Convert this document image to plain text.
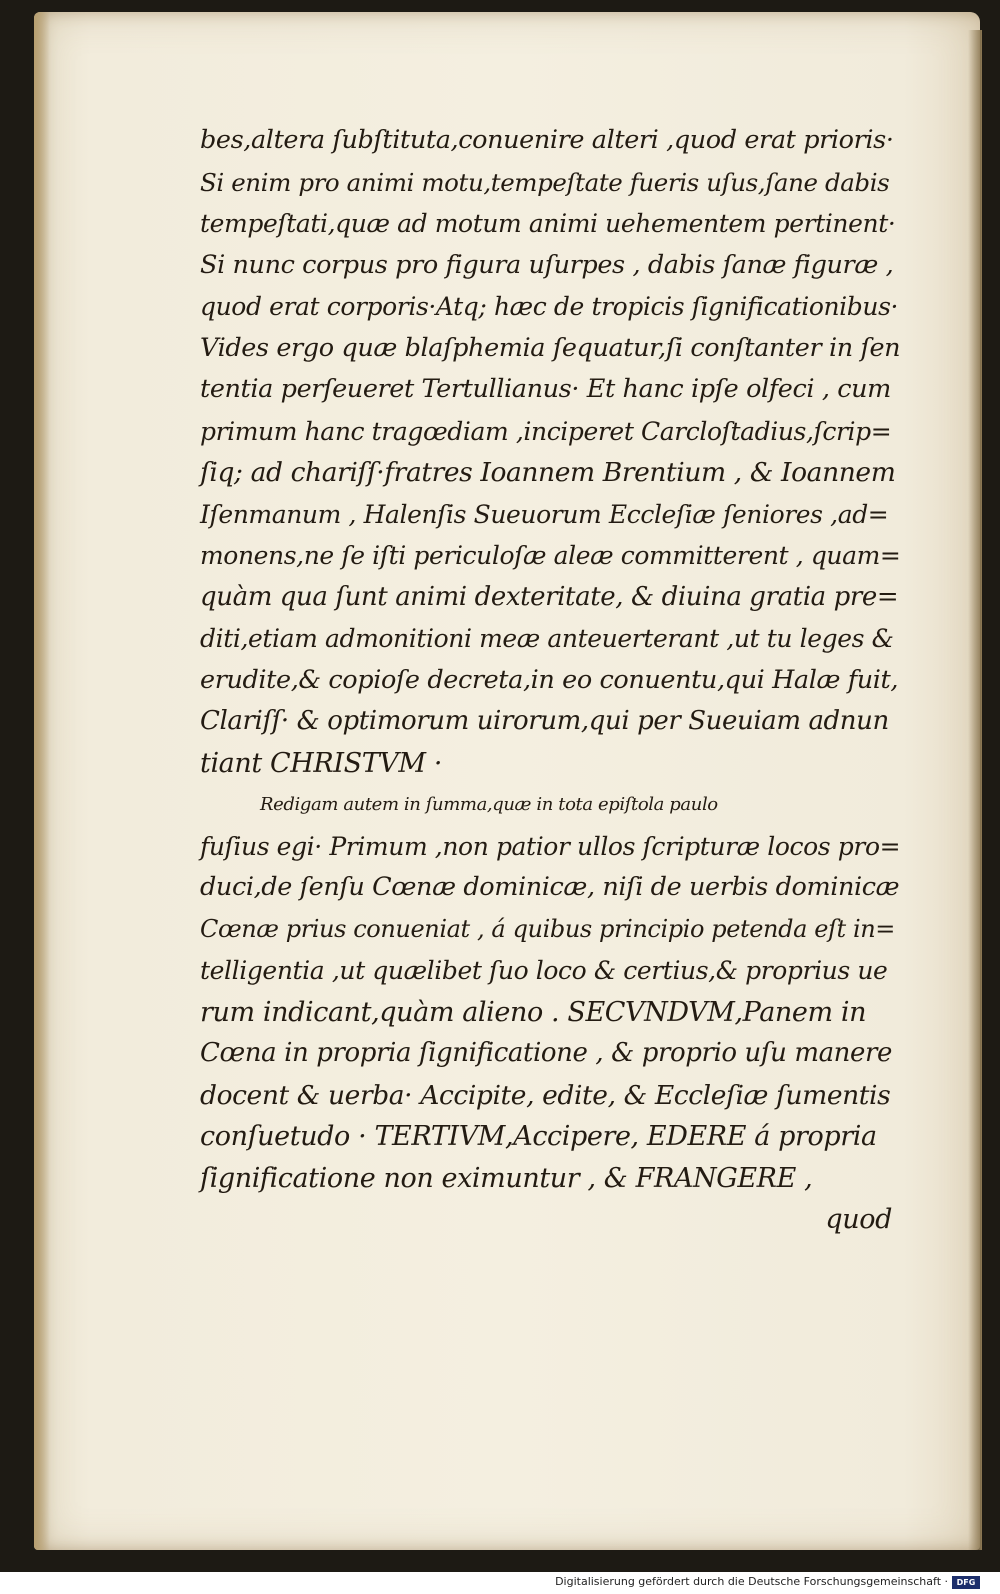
bes,altera ſubſtituta,conuenire alteri ,quod erat prioris·
Si enim pro animi motu,tempeſtate fueris uſus,ſane dabis
tempeſtati,quæ ad motum animi uehementem pertinent·
Si nunc corpus pro figura uſurpes , dabis ſanæ figuræ ,
quod erat corporis·Atq; hæc de tropicis ſignificationibus·
Vides ergo quæ blaſphemia ſequatur,ſi conſtanter in ſen
tentia perſeueret Tertullianus· Et hanc ipſe olfeci , cum
primum hanc tragœdiam ,inciperet Carcloſtadius,ſcrip=
ſiq; ad chariſſ·fratres Ioannem Brentium , & Ioannem
Iſenmanum , Halenſis Sueuorum Eccleſiæ ſeniores ,ad=
monens,ne ſe iſti periculoſæ aleæ committerent , quam=
quàm qua ſunt animi dexteritate, & diuina gratia pre=
diti,etiam admonitioni meæ anteuerterant ,ut tu leges &
erudite,& copioſe decreta,in eo conuentu,qui Halæ fuit,
Clariſſ· & optimorum uirorum,qui per Sueuiam adnun
tiant CHRISTVM ·
Redigam autem in ſumma,quæ in tota epiſtola paulo
fuſius egi· Primum ,non patior ullos ſcripturæ locos pro=
duci,de ſenſu Cœnæ dominicæ, niſi de uerbis dominicæ
Cœnæ prius conueniat , á quibus principio petenda eſt in=
telligentia ,ut quælibet ſuo loco & certius,& proprius ue
rum indicant,quàm alieno . SECVNDVM,Panem in
Cœna in propria ſignificatione , & proprio uſu manere
docent & uerba· Accipite, edite, & Eccleſiæ ſumentis
conſuetudo · TERTIVM,Accipere, EDERE á propria
ſignificatione non eximuntur , & FRANGERE ,
quod
Digitalisierung gefördert durch die Deutsche Forschungsgemeinschaft ·	DFG
